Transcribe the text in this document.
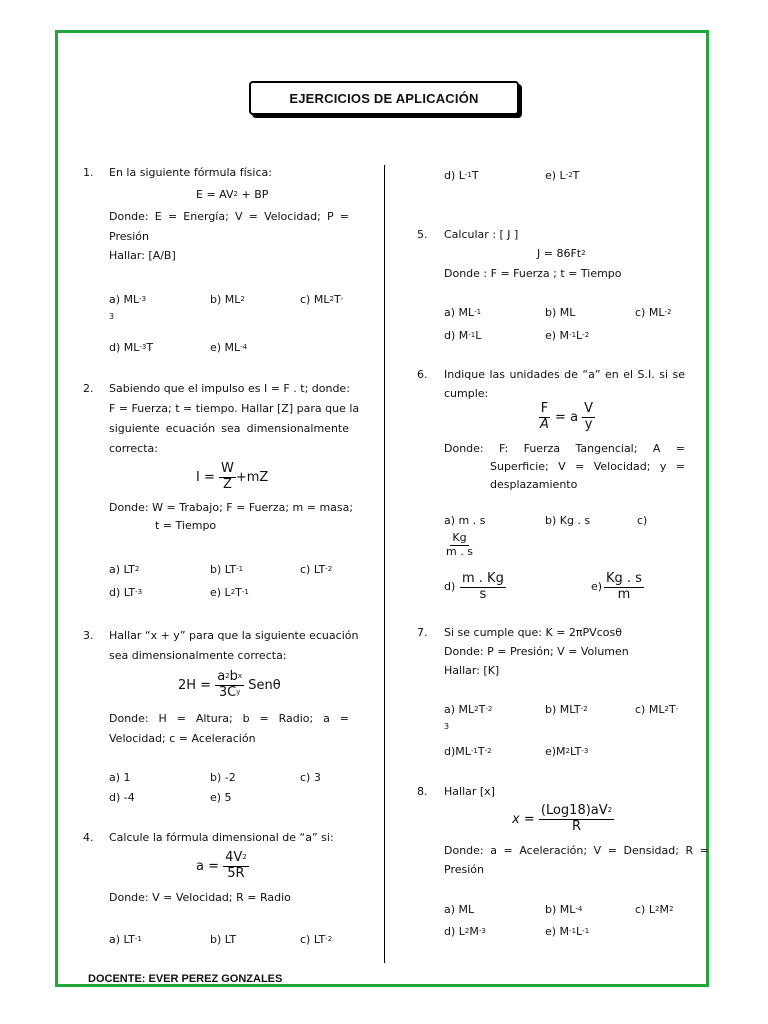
EJERCICIOS DE APLICACIÓN
1. En la siguiente fórmula física:
$E = AV^2$ + BP
Donde: E = Energía; V = Velocidad; P =
Presión
Hallar: [A/B]
a) $ML^{-3}$	b) $ML^2$	c) $ML^2T^-$
3
d) $ML^{-3}T$	e) $ML^{-4}$
2. Sabiendo que el impulso es I = F . t; donde:
F = Fuerza; t = tiempo. Hallar [Z] para que la
siguiente ecuación sea dimensionalmente
correcta:
$I = \frac{W}{Z} +mZ$
Donde: W = Trabajo; F = Fuerza; m = masa;
t = Tiempo
a) $LT^2$	b) $LT^{-1}$	c) $LT^{-2}$
d) $LT^{-3}$	e) $L^2T^{-1}$
3. Hallar “x + y” para que la siguiente ecuación
sea dimensionalmente correcta:
$2H = \frac{a^2b^x}{3C^y}$ Senθ
Donde: H = Altura; b = Radio; a =
Velocidad; c = Aceleración
a) 1	b) -2	c) 3
d) -4	e) 5
4. Calcule la fórmula dimensional de “a” si:
$a = \frac{4V^2}{5R}$
Donde: V = Velocidad; R = Radio
a) $LT^{-1}$	b) LT	c) $LT^{-2}$
d) $L^{-1}T$	e) $L^{-2}T$
5. Calcular : [ J ]
$J = 86Ft^2$
Donde : F = Fuerza ; t = Tiempo
a) $ML^{-1}$	b) ML	c) $ML^{-2}$
d) $M^{-1}L$	e) $M^{-1}L^{-2}$
6. Indique las unidades de “a” en el S.I. si se
cumple:
$\frac{F}{A} = a \frac{V}{y}$
Donde: F: Fuerza Tangencial; A =
Superficie; V = Velocidad; y =
desplazamiento
a) m . s	b) Kg . s	c)
$\frac{Kg}{m . s}$
$d) \frac{m . Kg}{s}$	$e) \frac{Kg . s}{m}$
7. Si se cumple que: K = 2πPVcosθ
Donde: P = Presión; V = Volumen
Hallar: [K]
a) $ML^2T^{-2}$	b) $MLT^{-2}$	c) $ML^2T^-$
3
$d)ML^{-1}T^{-2}$	$e)M^2LT^{-3}$
8. Hallar [x]
$x = \frac{(Log18)aV^2}{R}$
Donde: a = Aceleración; V = Densidad; R =
Presión
a) ML	b) $ML^{-4}$	c) $L^2M^2$
d) $L^2M^{-3}$	e) $M^{-1}L^{-1}$
DOCENTE: EVER PEREZ GONZALES
